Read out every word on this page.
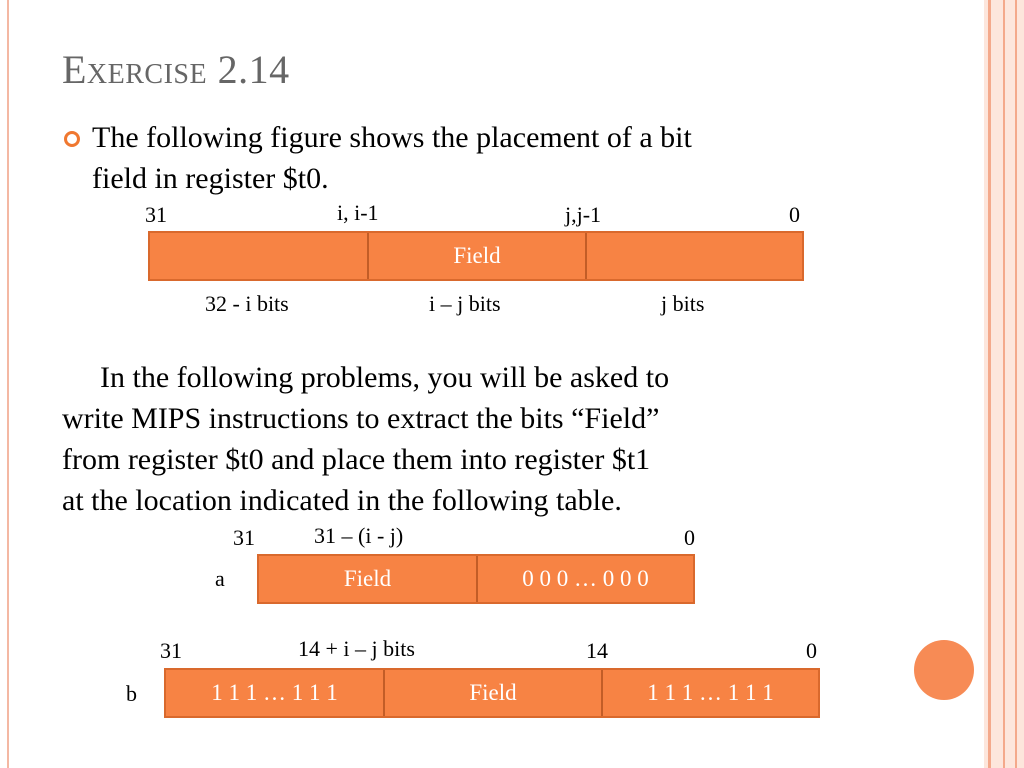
Exercise 2.14
The following figure shows the placement of a bit
field in register $t0.
31	i, i-1	j,j-1	0
Field
32 - i bits	i – j bits	j bits
In the following problems, you will be asked to
write MIPS instructions to extract the bits “Field”
from register $t0 and place them into register $t1
at the location indicated in the following table.
31	31 – (i - j)	0
a	Field	0 0 0 … 0 0 0
31	14 + i – j bits	14	0
b	1 1 1 … 1 1 1	Field	1 1 1 … 1 1 1
